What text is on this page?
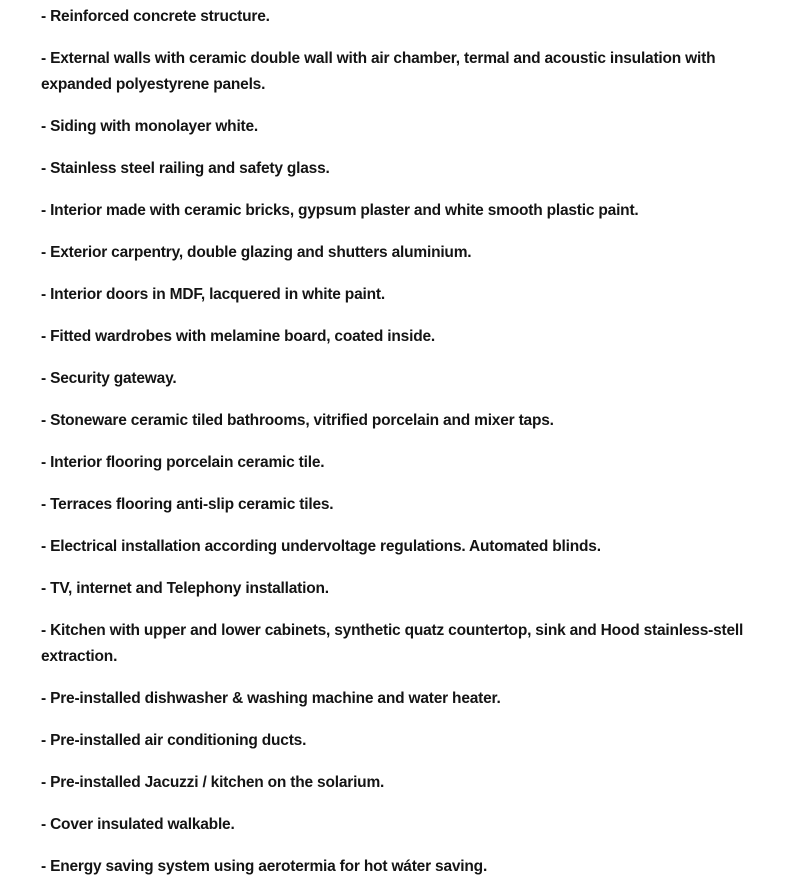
- Reinforced concrete structure.
- External walls with ceramic double wall with air chamber, termal and acoustic insulation with expanded polyestyrene panels.
- Siding with monolayer white.
- Stainless steel railing and safety glass.
- Interior made with ceramic bricks, gypsum plaster and white smooth plastic paint.
- Exterior carpentry, double glazing and shutters aluminium.
- Interior doors in MDF, lacquered in white paint.
- Fitted wardrobes with melamine board, coated inside.
- Security gateway.
- Stoneware ceramic tiled bathrooms, vitrified porcelain and mixer taps.
- Interior flooring porcelain ceramic tile.
- Terraces flooring anti-slip ceramic tiles.
- Electrical installation according undervoltage regulations. Automated blinds.
- TV, internet and Telephony installation.
- Kitchen with upper and lower cabinets, synthetic quatz countertop, sink and Hood stainless-stell extraction.
- Pre-installed dishwasher & washing machine and water heater.
- Pre-installed air conditioning ducts.
- Pre-installed Jacuzzi / kitchen on the solarium.
- Cover insulated walkable.
- Energy saving system using aerotermia for hot wáter saving.
